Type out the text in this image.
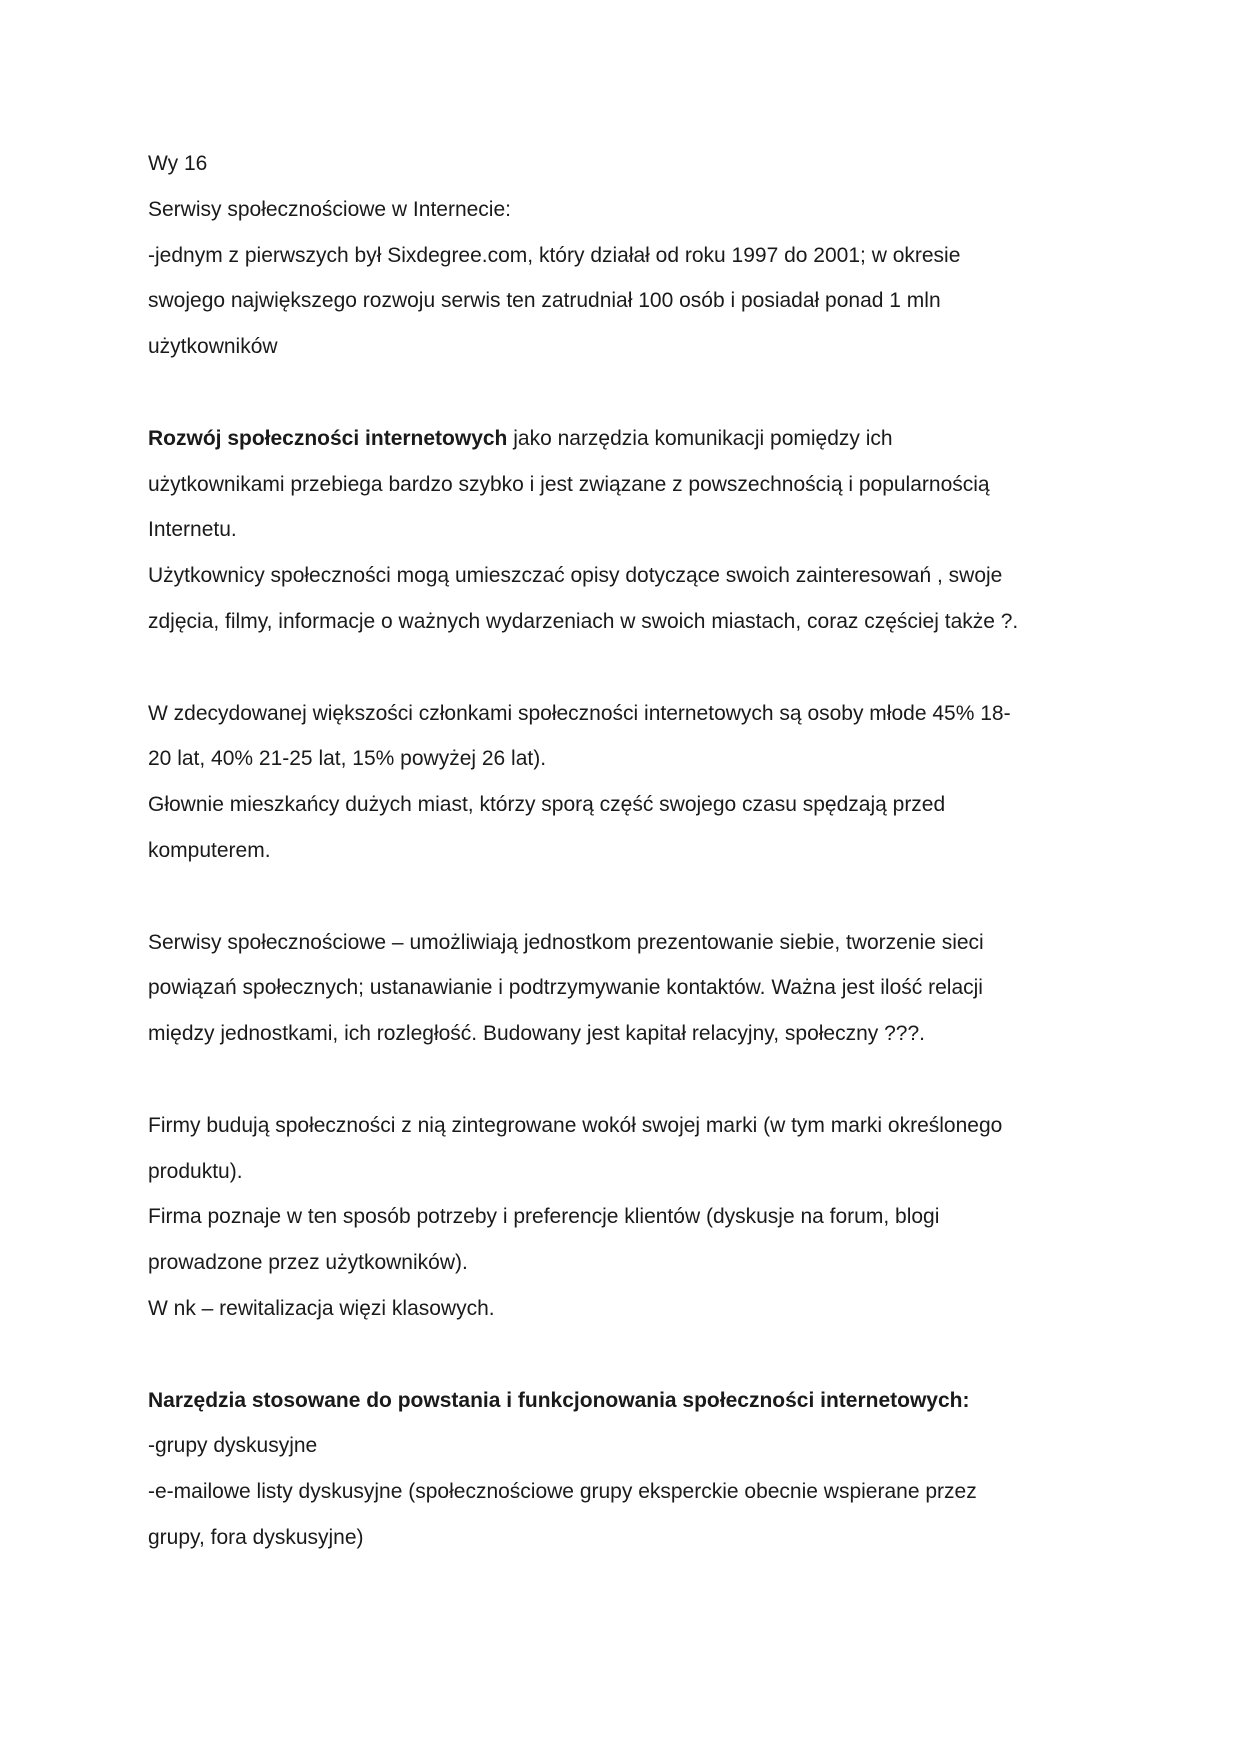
Wy 16
Serwisy społecznościowe w Internecie:
-jednym z pierwszych był Sixdegree.com, który działał od roku 1997 do 2001; w okresie
swojego największego rozwoju serwis ten zatrudniał 100 osób i posiadał ponad 1 mln
użytkowników
Rozwój społeczności internetowych jako narzędzia komunikacji pomiędzy ich
użytkownikami przebiega bardzo szybko i jest związane z powszechnością i popularnością
Internetu.
Użytkownicy społeczności mogą umieszczać opisy dotyczące swoich zainteresowań , swoje
zdjęcia, filmy, informacje o ważnych wydarzeniach w swoich miastach, coraz częściej także ?.
W zdecydowanej większości członkami społeczności internetowych są osoby młode 45% 18-
20 lat, 40% 21-25 lat, 15% powyżej 26 lat).
Głownie mieszkańcy dużych miast, którzy sporą część swojego czasu spędzają przed
komputerem.
Serwisy społecznościowe – umożliwiają jednostkom prezentowanie siebie, tworzenie sieci
powiązań społecznych; ustanawianie i podtrzymywanie kontaktów. Ważna jest ilość relacji
między jednostkami, ich rozległość. Budowany jest kapitał relacyjny, społeczny ???.
Firmy budują społeczności z nią zintegrowane wokół swojej marki (w tym marki określonego
produktu).
Firma poznaje w ten sposób potrzeby i preferencje klientów (dyskusje na forum, blogi
prowadzone przez użytkowników).
W nk – rewitalizacja więzi klasowych.
Narzędzia stosowane do powstania i funkcjonowania społeczności internetowych:
-grupy dyskusyjne
-e-mailowe listy dyskusyjne (społecznościowe grupy eksperckie obecnie wspierane przez
grupy, fora dyskusyjne)
